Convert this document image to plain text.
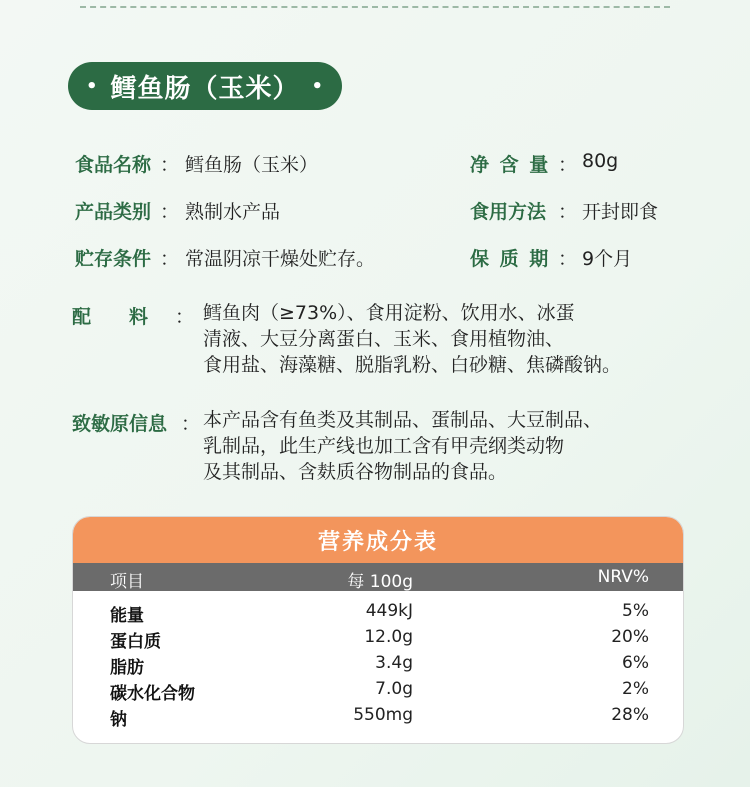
• 鳕鱼肠（玉米） •
食品名称 ： 鳕鱼肠（玉米）
产品类别 ： 熟制水产品
贮存条件 ： 常温阴凉干燥处贮存。
净 含 量 ： 80g
食用方法 ： 开封即食
保 质 期 ： 9个月
配　　料 ： 鳕鱼肉（≥73%）、食用淀粉、饮用水、冰蛋
清液、大豆分离蛋白、玉米、食用植物油、
食用盐、海藻糖、脱脂乳粉、白砂糖、焦磷酸钠。
致敏原信息 ： 本产品含有鱼类及其制品、蛋制品、大豆制品、
乳制品，此生产线也加工含有甲壳纲类动物
及其制品、含麸质谷物制品的食品。
营养成分表
项目	每 100g	NRV%
能量	449kJ	5%
蛋白质	12.0g	20%
脂肪	3.4g	6%
碳水化合物	7.0g	2%
钠	550mg	28%
